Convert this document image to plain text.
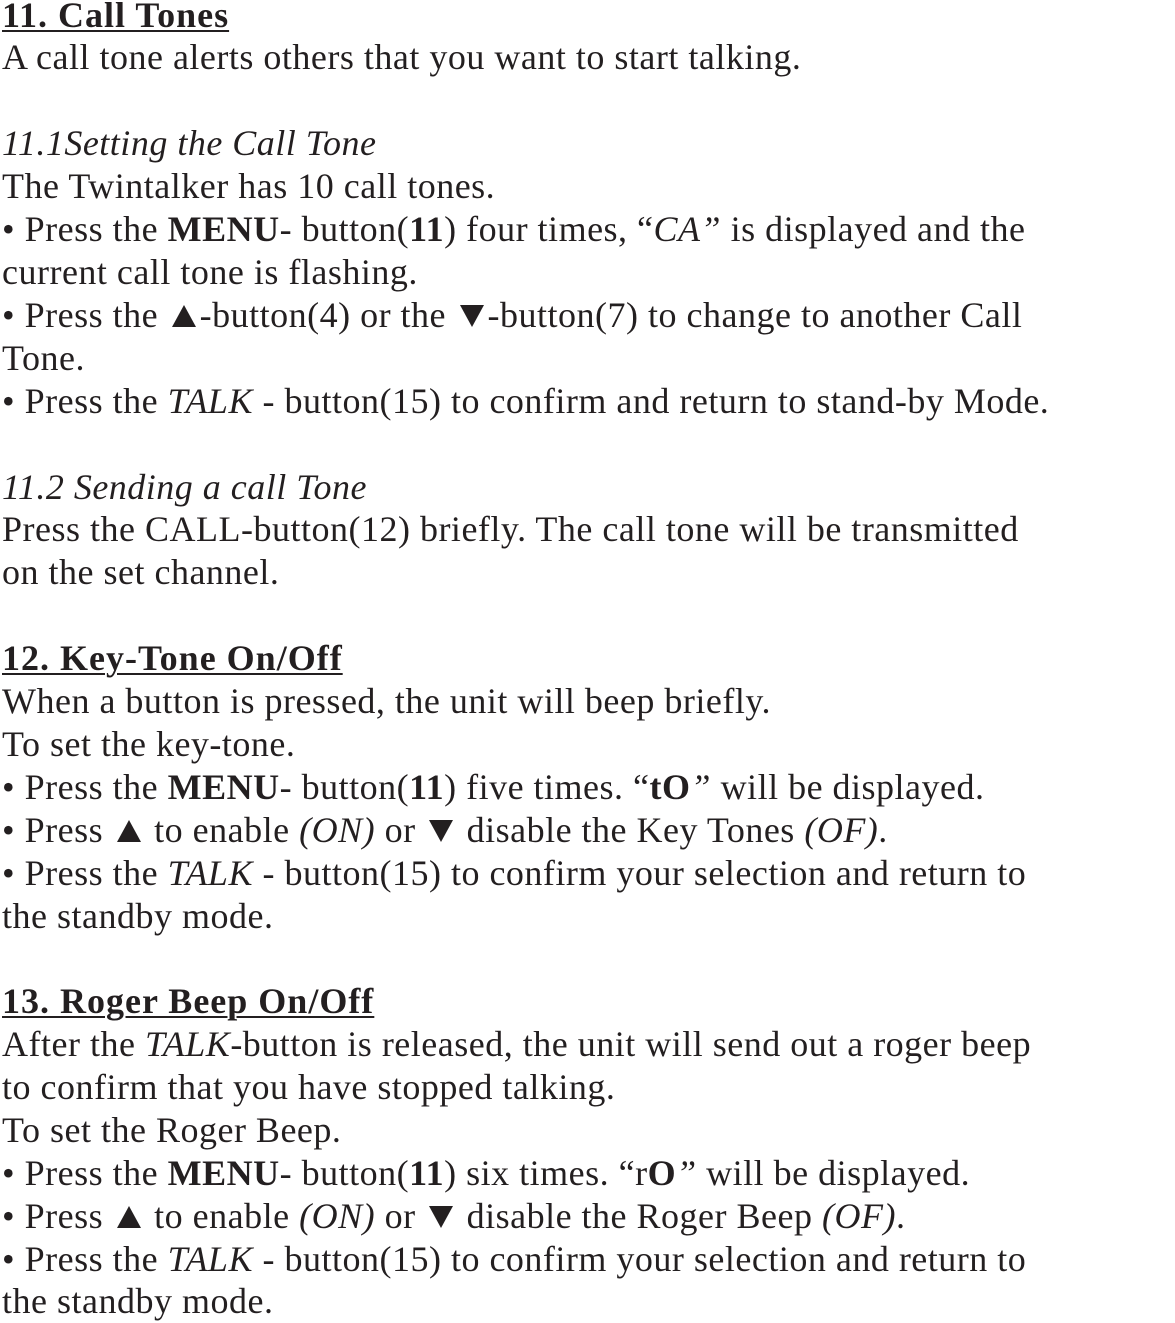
11. Call Tones
A call tone alerts others that you want to start talking.
11.1Setting the Call Tone
The Twintalker has 10 call tones.
• Press the MENU- button(11) four times, “CA” is displayed and the
current call tone is flashing.
• Press the -button(4) or the -button(7) to change to another Call
Tone.
• Press the TALK - button(15) to confirm and return to stand-by Mode.
11.2 Sending a call Tone
Press the CALL-button(12) briefly. The call tone will be transmitted
on the set channel.
12. Key-Tone On/Off
When a button is pressed, the unit will beep briefly.
To set the key-tone.
• Press the MENU- button(11) five times. “tO” will be displayed.
• Press  to enable (ON) or  disable the Key Tones (OF).
• Press the TALK - button(15) to confirm your selection and return to
the standby mode.
13. Roger Beep On/Off
After the TALK-button is released, the unit will send out a roger beep
to confirm that you have stopped talking.
To set the Roger Beep.
• Press the MENU- button(11) six times. “rO” will be displayed.
• Press  to enable (ON) or  disable the Roger Beep (OF).
• Press the TALK - button(15) to confirm your selection and return to
the standby mode.
